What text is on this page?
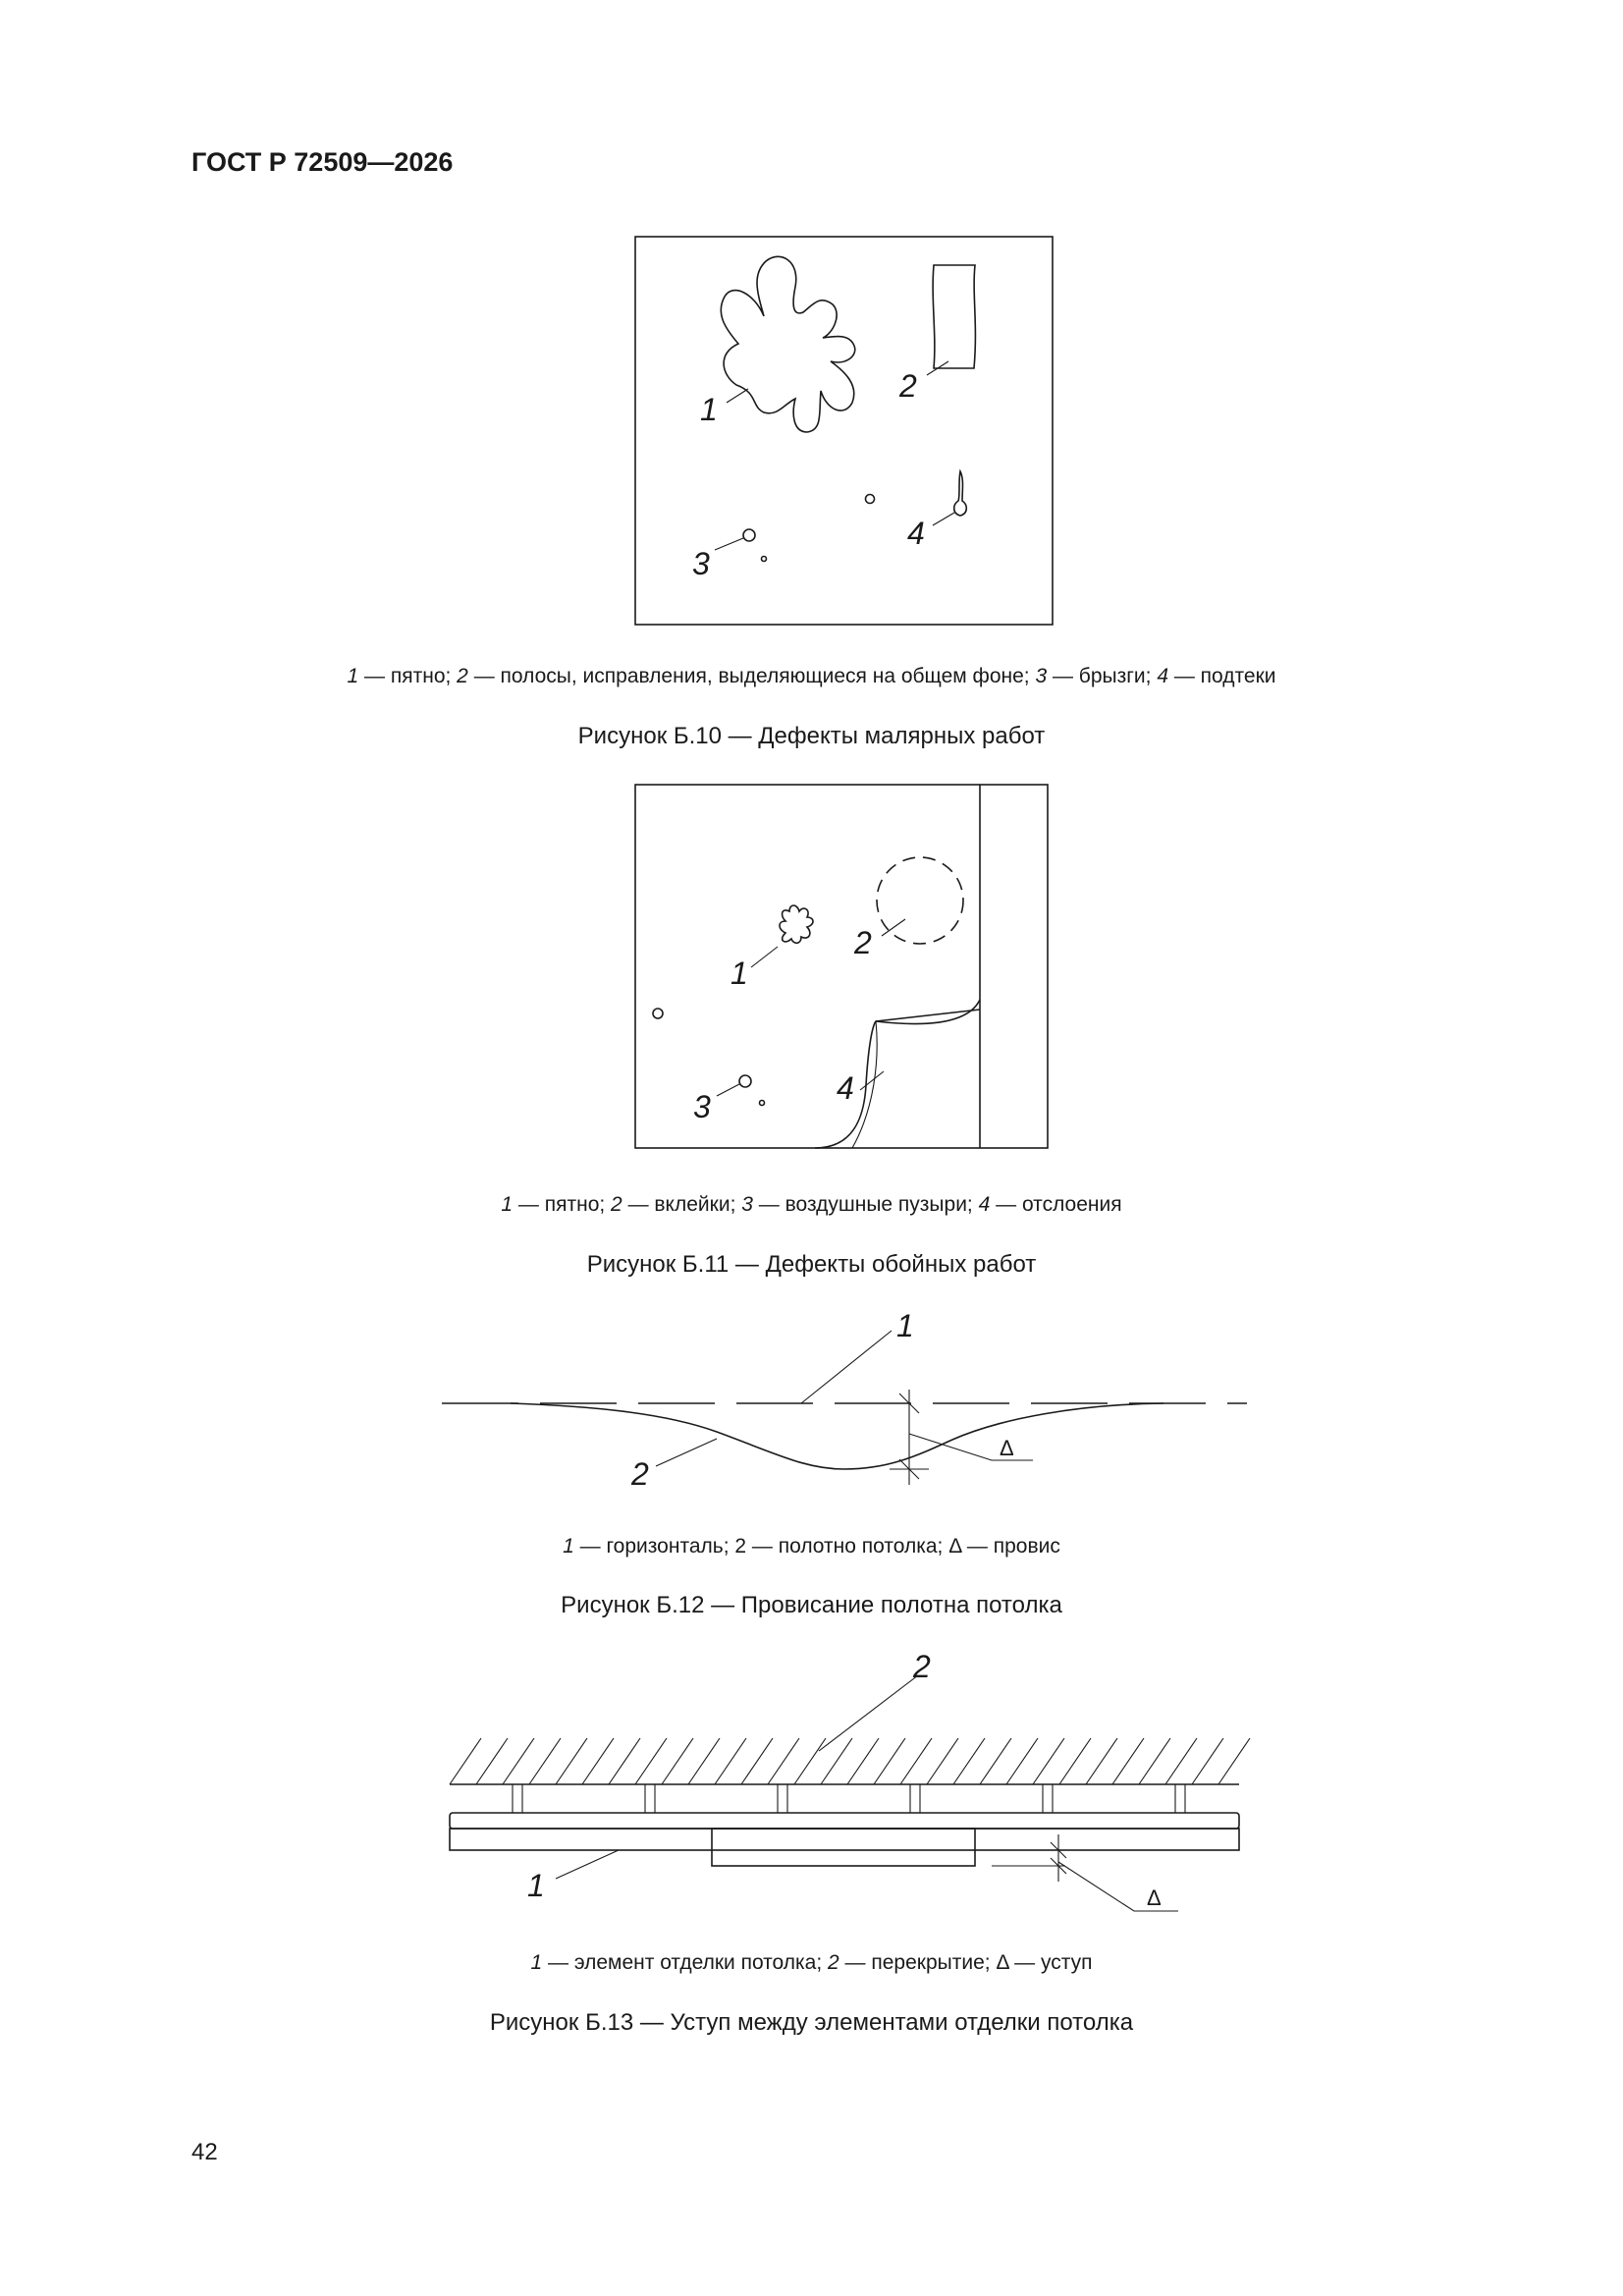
ГОСТ Р 72509—2026
1
2
3
4
1 — пятно; 2 — полосы, исправления, выделяющиеся на общем фоне; 3 — брызги; 4 — подтеки
Рисунок Б.10 — Дефекты малярных работ
1
2
3
4
1 — пятно; 2 — вклейки; 3 — воздушные пузыри; 4 — отслоения
Рисунок Б.11 — Дефекты обойных работ
1
2
Δ
1 — горизонталь; 2 — полотно потолка; Δ — провис
Рисунок Б.12 — Провисание полотна потолка
1
2
Δ
1 — элемент отделки потолка; 2 — перекрытие; Δ — уступ
Рисунок Б.13 — Уступ между элементами отделки потолка
42
